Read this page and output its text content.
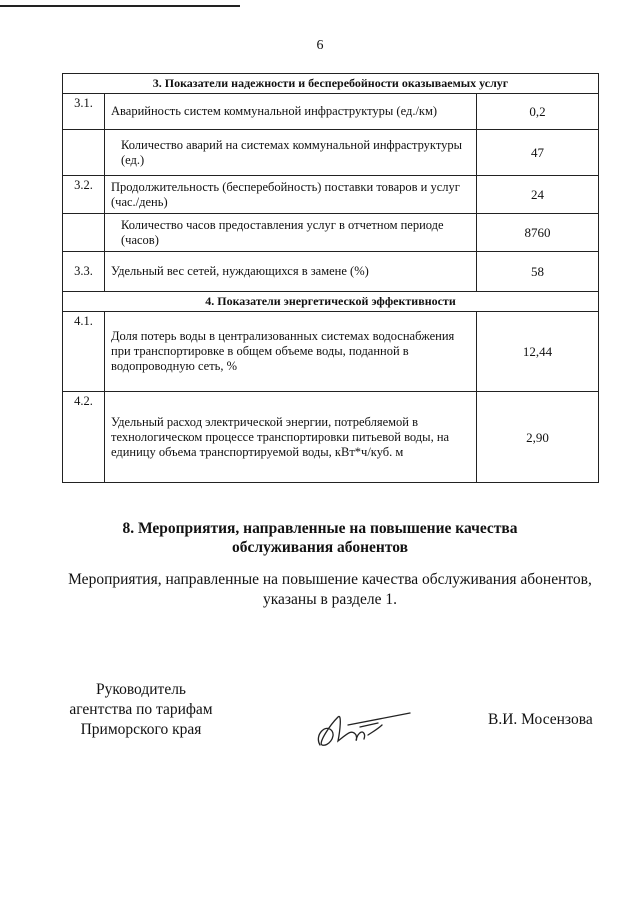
6
3. Показатели надежности и бесперебойности оказываемых услуг		
3.1.	Аварийность систем коммунальной инфраструктуры (ед./км)	0,2
	Количество аварий на системах коммунальной инфраструктуры (ед.)	47
3.2.	Продолжительность (бесперебойность) поставки товаров и услуг (час./день)	24
	Количество часов предоставления услуг в отчетном периоде (часов)	8760
3.3.	Удельный вес сетей, нуждающихся в замене (%)	58
4. Показатели энергетической эффективности		
4.1.	Доля потерь воды в централизованных системах водоснабжения при транспортировке в общем объеме воды, поданной в водопроводную сеть, %	12,44
4.2.	Удельный расход электрической энергии, потребляемой в технологическом процессе транспортировки питьевой воды, на единицу объема транспортируемой воды, кВт*ч/куб. м	2,90
8. Мероприятия, направленные на повышение качества
обслуживания абонентов
Мероприятия, направленные на повышение качества обслуживания абонентов,
указаны в разделе 1.
Руководитель
агентства по тарифам
Приморского края
В.И. Мосензова
